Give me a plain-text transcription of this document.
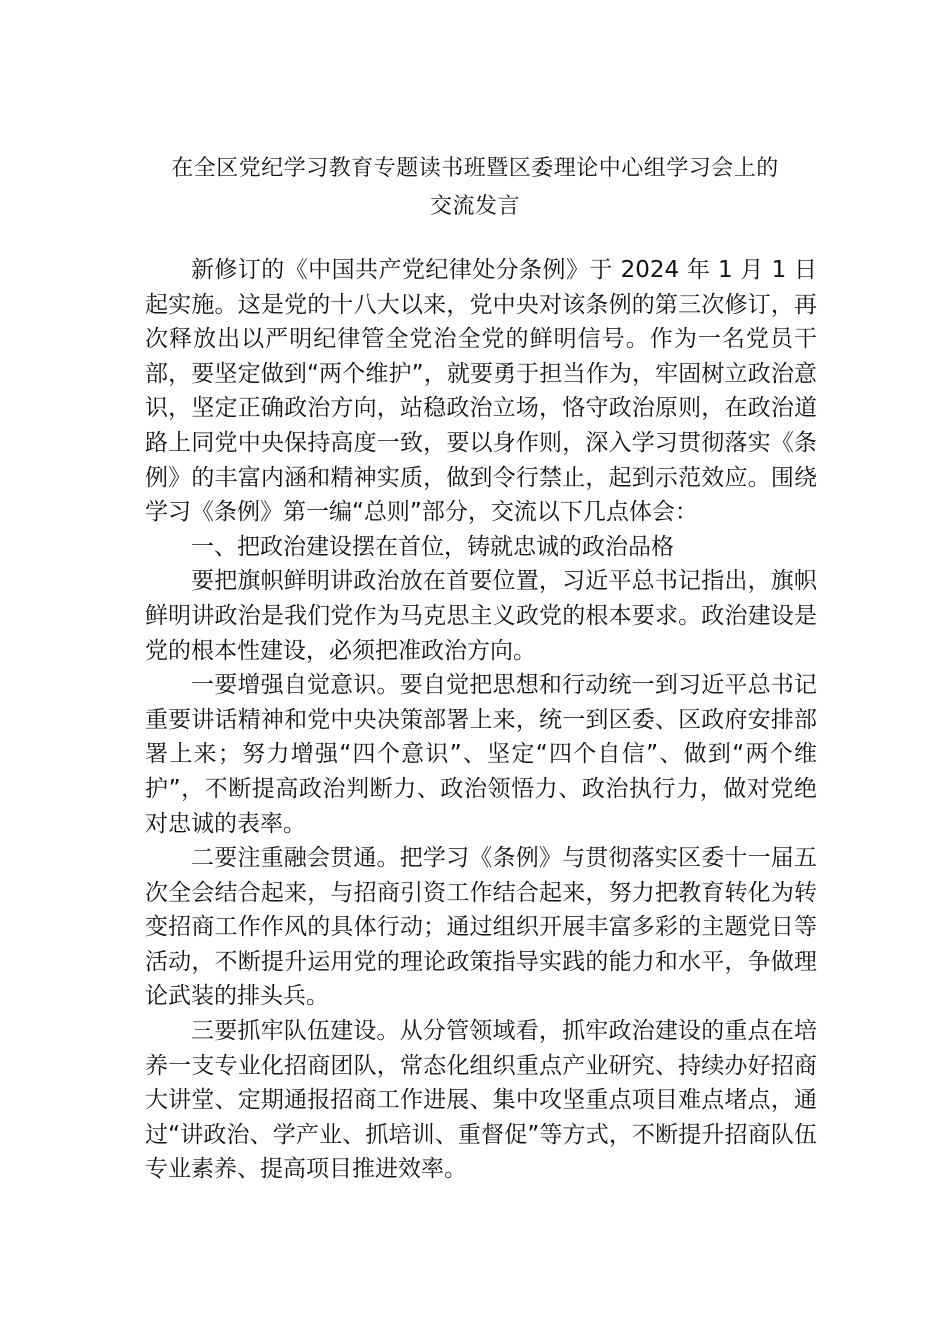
在全区党纪学习教育专题读书班暨区委理论中心组学习会上的
交流发言

新修订的《中国共产党纪律处分条例》于 2024 年 1 月 1 日起实施。这是党的十八大以来，党中央对该条例的第三次修订，再次释放出以严明纪律管全党治全党的鲜明信号。作为一名党员干部，要坚定做到“两个维护”，就要勇于担当作为，牢固树立政治意识，坚定正确政治方向，站稳政治立场，恪守政治原则，在政治道路上同党中央保持高度一致，要以身作则，深入学习贯彻落实《条例》的丰富内涵和精神实质，做到令行禁止，起到示范效应。围绕学习《条例》第一编“总则”部分，交流以下几点体会：

一、把政治建设摆在首位，铸就忠诚的政治品格

要把旗帜鲜明讲政治放在首要位置，习近平总书记指出，旗帜鲜明讲政治是我们党作为马克思主义政党的根本要求。政治建设是党的根本性建设，必须把准政治方向。

一要增强自觉意识。要自觉把思想和行动统一到习近平总书记重要讲话精神和党中央决策部署上来，统一到区委、区政府安排部署上来；努力增强“四个意识”、坚定“四个自信”、做到“两个维护”，不断提高政治判断力、政治领悟力、政治执行力，做对党绝对忠诚的表率。

二要注重融会贯通。把学习《条例》与贯彻落实区委十一届五次全会结合起来，与招商引资工作结合起来，努力把教育转化为转变招商工作作风的具体行动；通过组织开展丰富多彩的主题党日等活动，不断提升运用党的理论政策指导实践的能力和水平，争做理论武装的排头兵。

三要抓牢队伍建设。从分管领域看，抓牢政治建设的重点在培养一支专业化招商团队，常态化组织重点产业研究、持续办好招商大讲堂、定期通报招商工作进展、集中攻坚重点项目难点堵点，通过“讲政治、学产业、抓培训、重督促”等方式，不断提升招商队伍专业素养、提高项目推进效率。
